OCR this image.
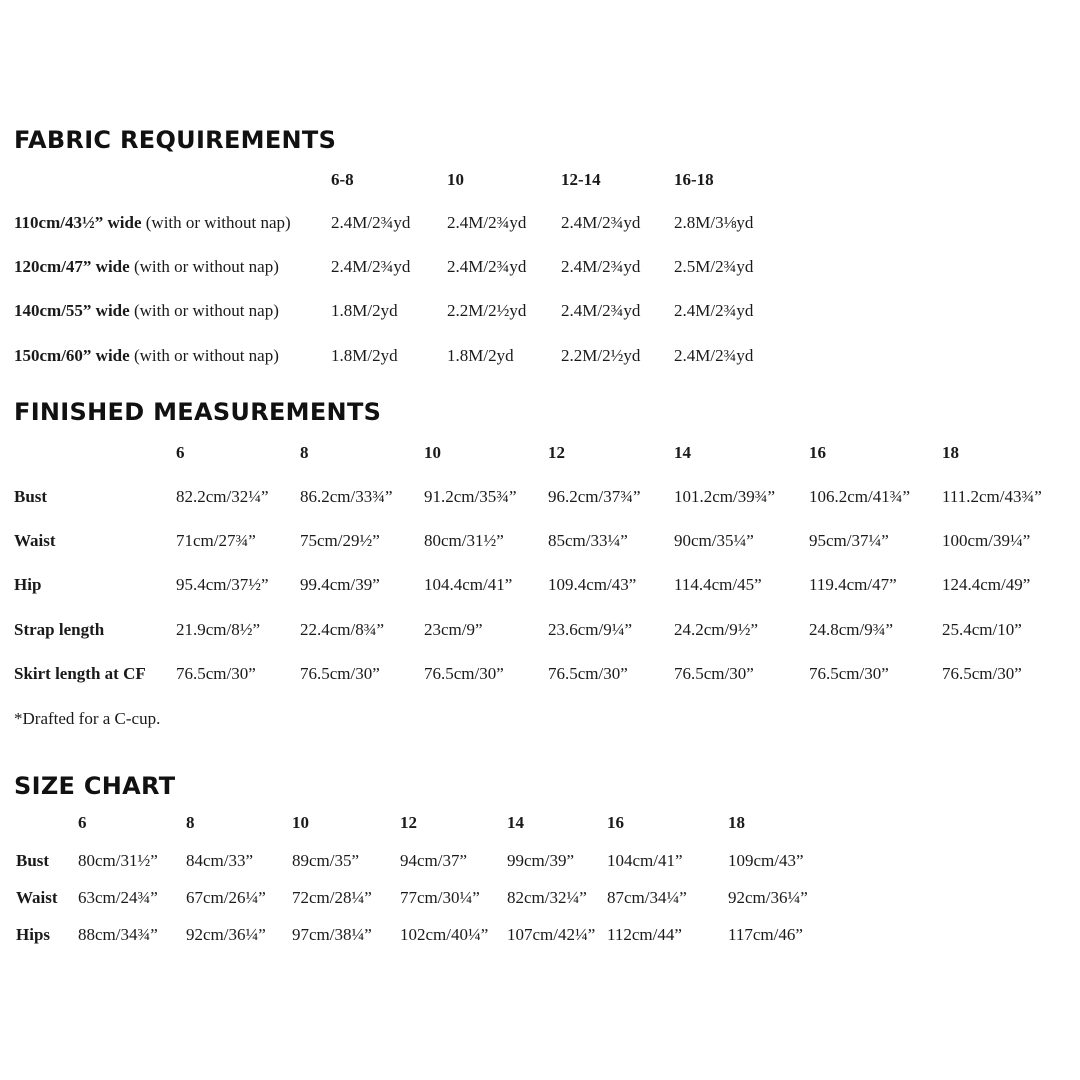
FABRIC REQUIREMENTS
FINISHED MEASUREMENTS
*Drafted for a C-cup.
SIZE CHART
6-8	10	12-14	16-18
110cm/43½” wide (with or without nap) 2.4M/2¾yd 2.4M/2¾yd 2.4M/2¾yd 2.8M/3⅛yd
120cm/47” wide (with or without nap)	2.4M/2¾yd 2.4M/2¾yd 2.4M/2¾yd 2.5M/2¾yd
140cm/55” wide (with or without nap)	1.8M/2yd	2.2M/2½yd 2.4M/2¾yd 2.4M/2¾yd
150cm/60” wide (with or without nap)	1.8M/2yd	1.8M/2yd	2.2M/2½yd 2.4M/2¾yd
6	8	10	12	14	16	18
Bust	82.2cm/32¼” 86.2cm/33¾” 91.2cm/35¾” 96.2cm/37¾” 101.2cm/39¾” 106.2cm/41¾” 111.2cm/43¾”
Waist	71cm/27¾”	75cm/29½”	80cm/31½”	85cm/33¼”	90cm/35¼”	95cm/37¼”	100cm/39¼”
Hip	95.4cm/37½” 99.4cm/39”	104.4cm/41” 109.4cm/43” 114.4cm/45”	119.4cm/47”	124.4cm/49”
Strap length	21.9cm/8½” 22.4cm/8¾” 23cm/9”	23.6cm/9¼” 24.2cm/9½”	24.8cm/9¾”	25.4cm/10”
Skirt length at CF 76.5cm/30”	76.5cm/30”	76.5cm/30”	76.5cm/30”	76.5cm/30”	76.5cm/30”	76.5cm/30”
6	8	10	12	14	16	18
Bust 80cm/31½” 84cm/33” 89cm/35” 94cm/37” 99cm/39” 104cm/41”	109cm/43”
Waist 63cm/24¾” 67cm/26¼” 72cm/28¼” 77cm/30¼” 82cm/32¼” 87cm/34¼” 92cm/36¼”
Hips 88cm/34¾” 92cm/36¼” 97cm/38¼” 102cm/40¼” 107cm/42¼” 112cm/44”	117cm/46”
